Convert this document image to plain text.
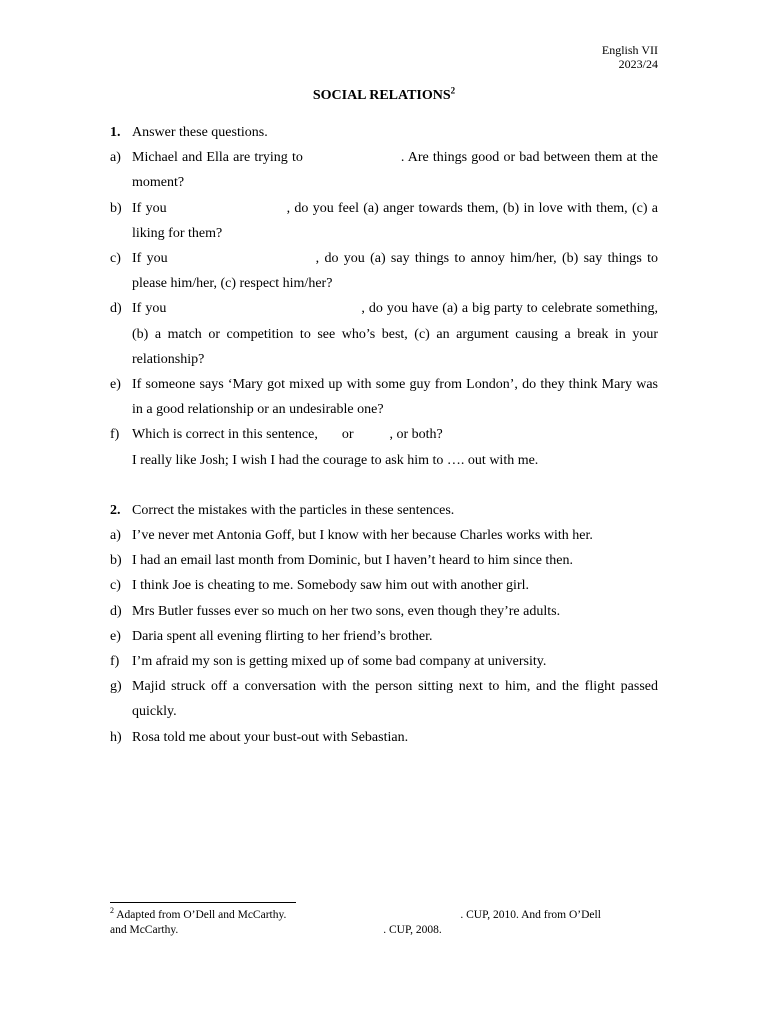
English VII
2023/24
SOCIAL RELATIONS$^2$
1. Answer these questions.
a) Michael and Ella are trying to	. Are things good or bad between them at the moment?
b) If you	, do you feel (a) anger towards them, (b) in love with them, (c) a liking for them?
c) If you	, do you (a) say things to annoy him/her, (b) say things to please him/her, (c) respect him/her?
d) If you	, do you have (a) a big party to celebrate something, (b) a match or competition to see who’s best, (c) an argument causing a break in your relationship?
e) If someone says ‘Mary got mixed up with some guy from London’, do they think Mary was in a good relationship or an undesirable one?
f) Which is correct in this sentence, or	, or both?
I really like Josh; I wish I had the courage to ask him to …. out with me.
2. Correct the mistakes with the particles in these sentences.
a) I’ve never met Antonia Goff, but I know with her because Charles works with her.
b) I had an email last month from Dominic, but I haven’t heard to him since then.
c) I think Joe is cheating to me. Somebody saw him out with another girl.
d) Mrs Butler fusses ever so much on her two sons, even though they’re adults.
e) Daria spent all evening flirting to her friend’s brother.
f) I’m afraid my son is getting mixed up of some bad company at university.
g) Majid struck off a conversation with the person sitting next to him, and the flight passed quickly.
h) Rosa told me about your bust-out with Sebastian.
$^2$ Adapted from O’Dell and McCarthy.	. CUP, 2010. And from O’Dell
and McCarthy.	. CUP, 2008.
